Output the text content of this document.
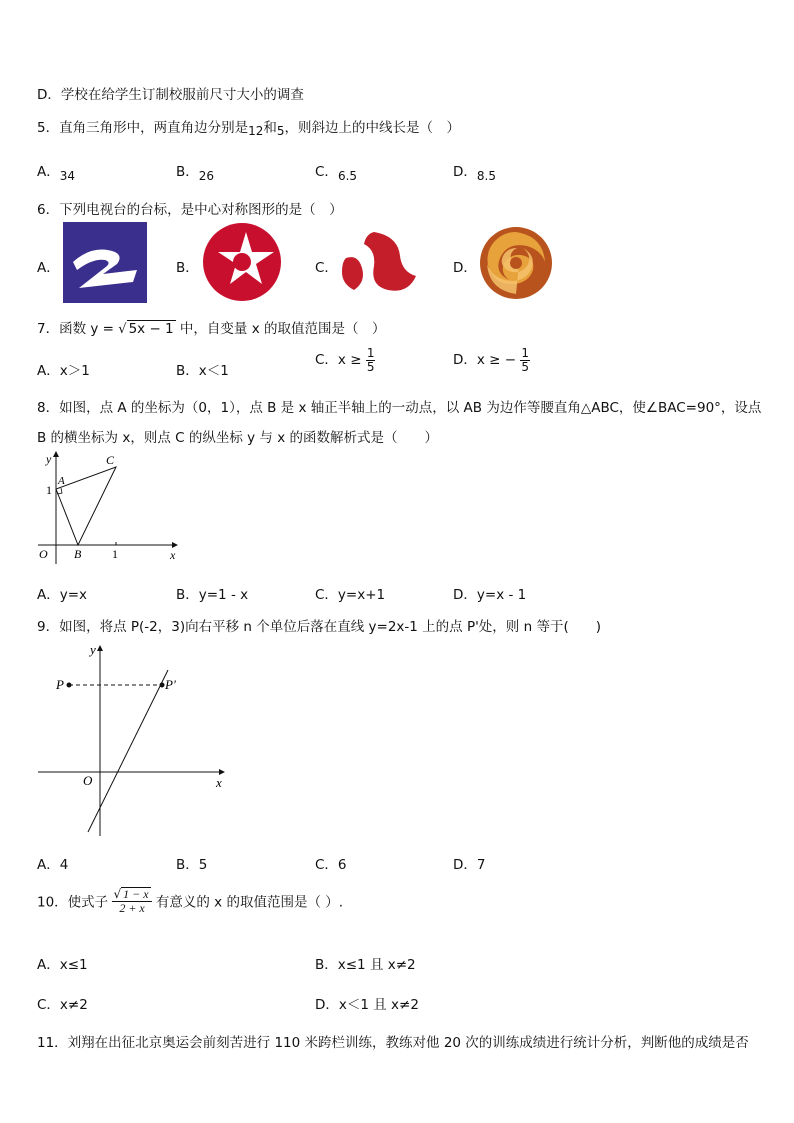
D．学校在给学生订制校服前尺寸大小的调查
5．直角三角形中，两直角边分别是12和5，则斜边上的中线长是（　）
A．34	B．26	C．6.5	D．8.5
6．下列电视台的台标，是中心对称图形的是（　）
A．	B．	C．	D．
7．函数 y = √ 5x − 1 中，自变量 x 的取值范围是（　）
A．x＞1	B．x＜1
C．$x \ge \frac{1}{5}$	D．x ≥ − $\frac{1}{5}$
8．如图，点 A 的坐标为（0，1），点 B 是 x 轴正半轴上的一动点，以 AB 为边作等腰直角△ABC，使∠BAC=90°，设点
B 的横坐标为 x，则点 C 的纵坐标 y 与 x 的函数解析式是（　　）
y
x
C
A
1
O B	1
A．y=x	B．y=1 - x	C．y=x+1	D．y=x - 1
9．如图，将点 P(-2，3)向右平移 n 个单位后落在直线 y=2x-1 上的点 P'处，则 n 等于(　　)
y
x
P	P'
O
A．4	B．5	C．6	D．7
10．使式子 $\frac{√ 1 - x}{2 + x}$ 有意义的 x 的取值范围是（ ）.
A．x≤1	B．x≤1 且 x≠2
C．x≠2	D．x＜1 且 x≠2
11．刘翔在出征北京奥运会前刻苦进行 110 米跨栏训练，教练对他 20 次的训练成绩进行统计分析，判断他的成绩是否
